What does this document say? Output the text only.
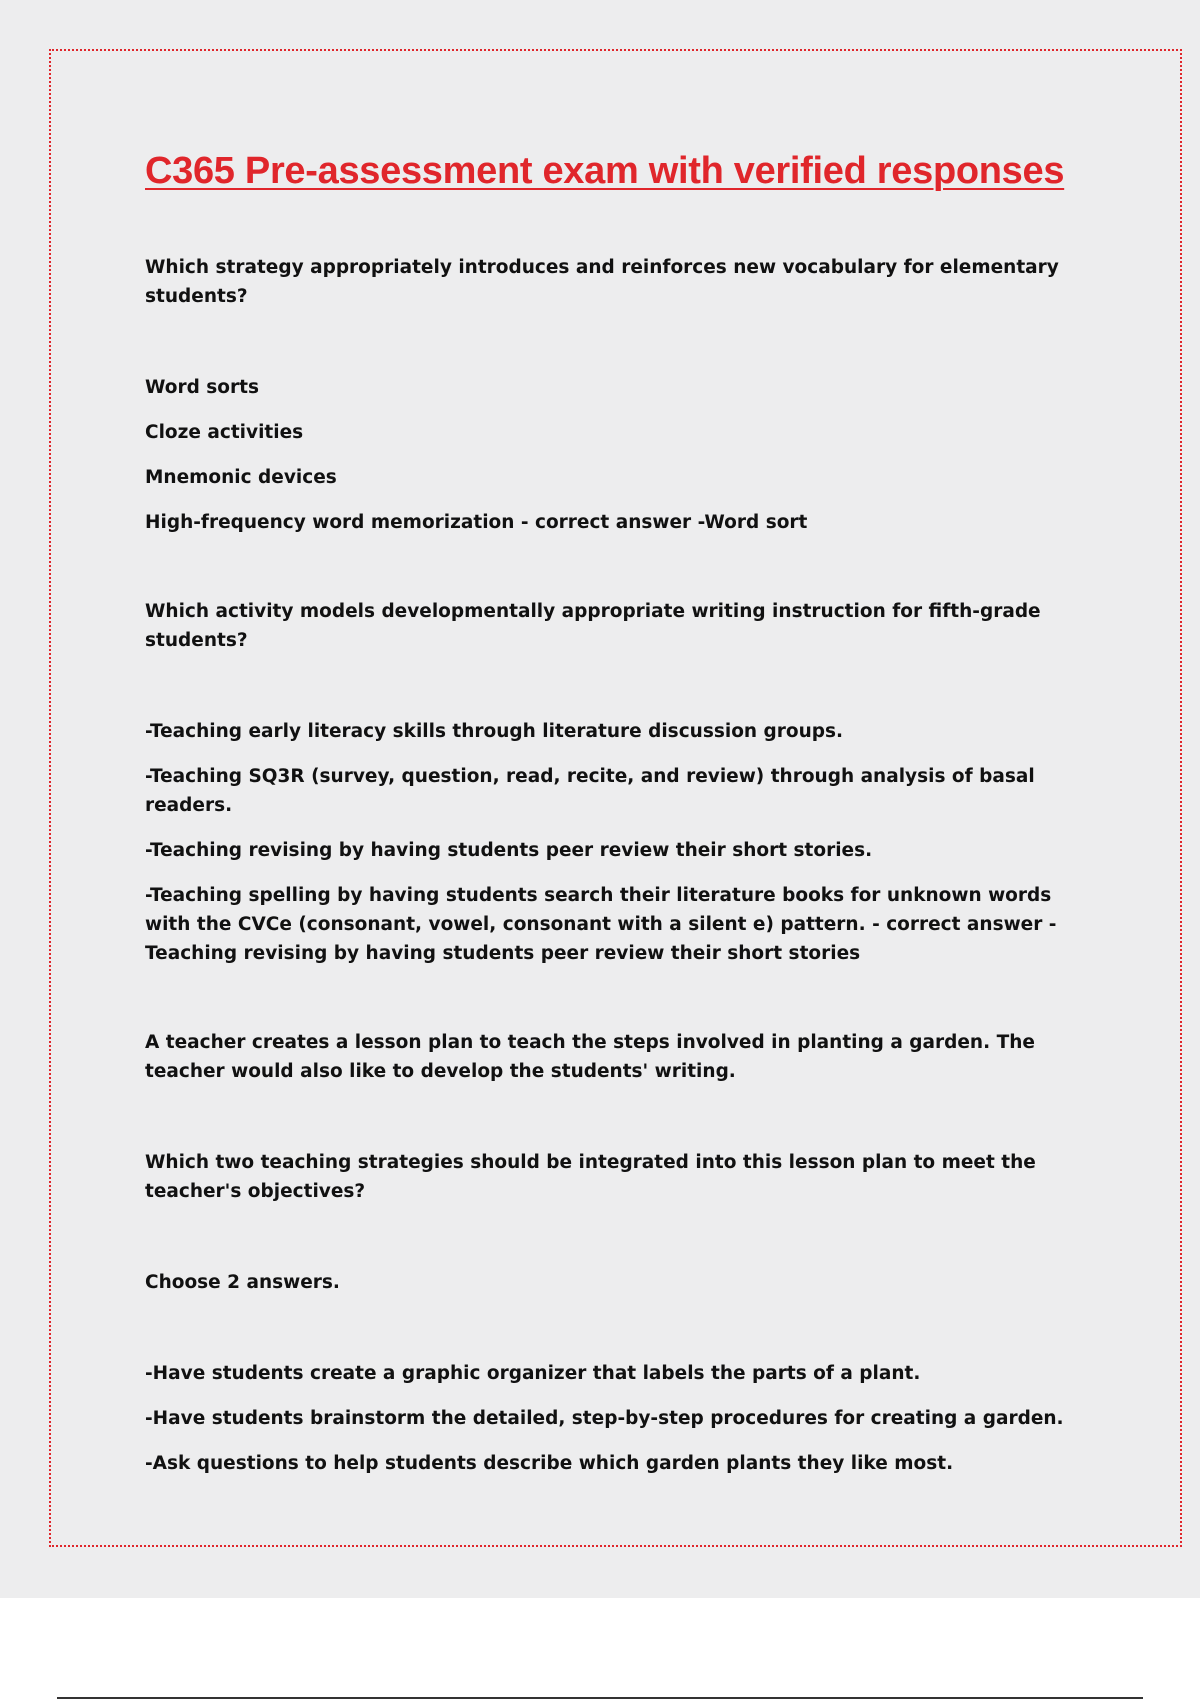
C365 Pre-assessment exam with verified responses

Which strategy appropriately introduces and reinforces new vocabulary for elementary students?

Word sorts

Cloze activities

Mnemonic devices

High-frequency word memorization - correct answer -Word sort

Which activity models developmentally appropriate writing instruction for fifth-grade students?

-Teaching early literacy skills through literature discussion groups.

-Teaching SQ3R (survey, question, read, recite, and review) through analysis of basal readers.

-Teaching revising by having students peer review their short stories.

-Teaching spelling by having students search their literature books for unknown words with the CVCe (consonant, vowel, consonant with a silent e) pattern. - correct answer -Teaching revising by having students peer review their short stories

A teacher creates a lesson plan to teach the steps involved in planting a garden. The teacher would also like to develop the students' writing.

Which two teaching strategies should be integrated into this lesson plan to meet the teacher's objectives?

Choose 2 answers.

-Have students create a graphic organizer that labels the parts of a plant.

-Have students brainstorm the detailed, step-by-step procedures for creating a garden.

-Ask questions to help students describe which garden plants they like most.
